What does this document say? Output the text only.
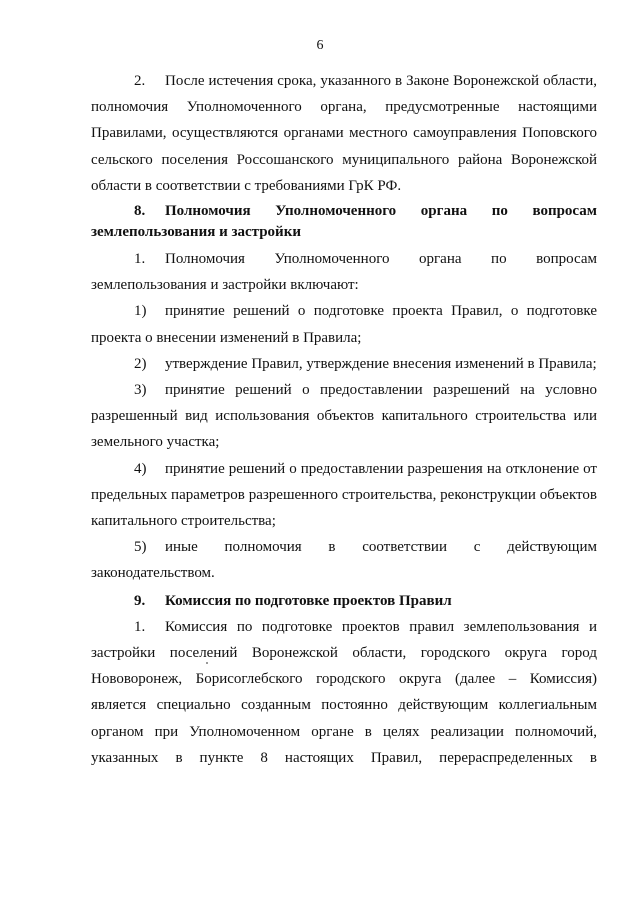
6

2. После истечения срока, указанного в Законе Воронежской области, полномочия Уполномоченного органа, предусмотренные настоящими Правилами, осуществляются органами местного самоуправления Поповского сельского поселения Россошанского муниципального района Воронежской области в соответствии с требованиями ГрК РФ.

8. Полномочия Уполномоченного органа по вопросам землепользования и застройки

1. Полномочия Уполномоченного органа по вопросам землепользования и застройки включают:

1) принятие решений о подготовке проекта Правил, о подготовке проекта о внесении изменений в Правила;

2) утверждение Правил, утверждение внесения изменений в Правила;

3) принятие решений о предоставлении разрешений на условно разрешенный вид использования объектов капитального строительства или земельного участка;

4) принятие решений о предоставлении разрешения на отклонение от предельных параметров разрешенного строительства, реконструкции объектов капитального строительства;

5) иные полномочия в соответствии с действующим законодательством.

9. Комиссия по подготовке проектов Правил

1. Комиссия по подготовке проектов правил землепользования и застройки поселений Воронежской области, городского округа город Нововоронеж, Борисоглебского городского округа (далее – Комиссия) является специально созданным постоянно действующим коллегиальным органом при Уполномоченном органе в целях реализации полномочий, указанных в пункте 8 настоящих Правил, перераспределенных в
